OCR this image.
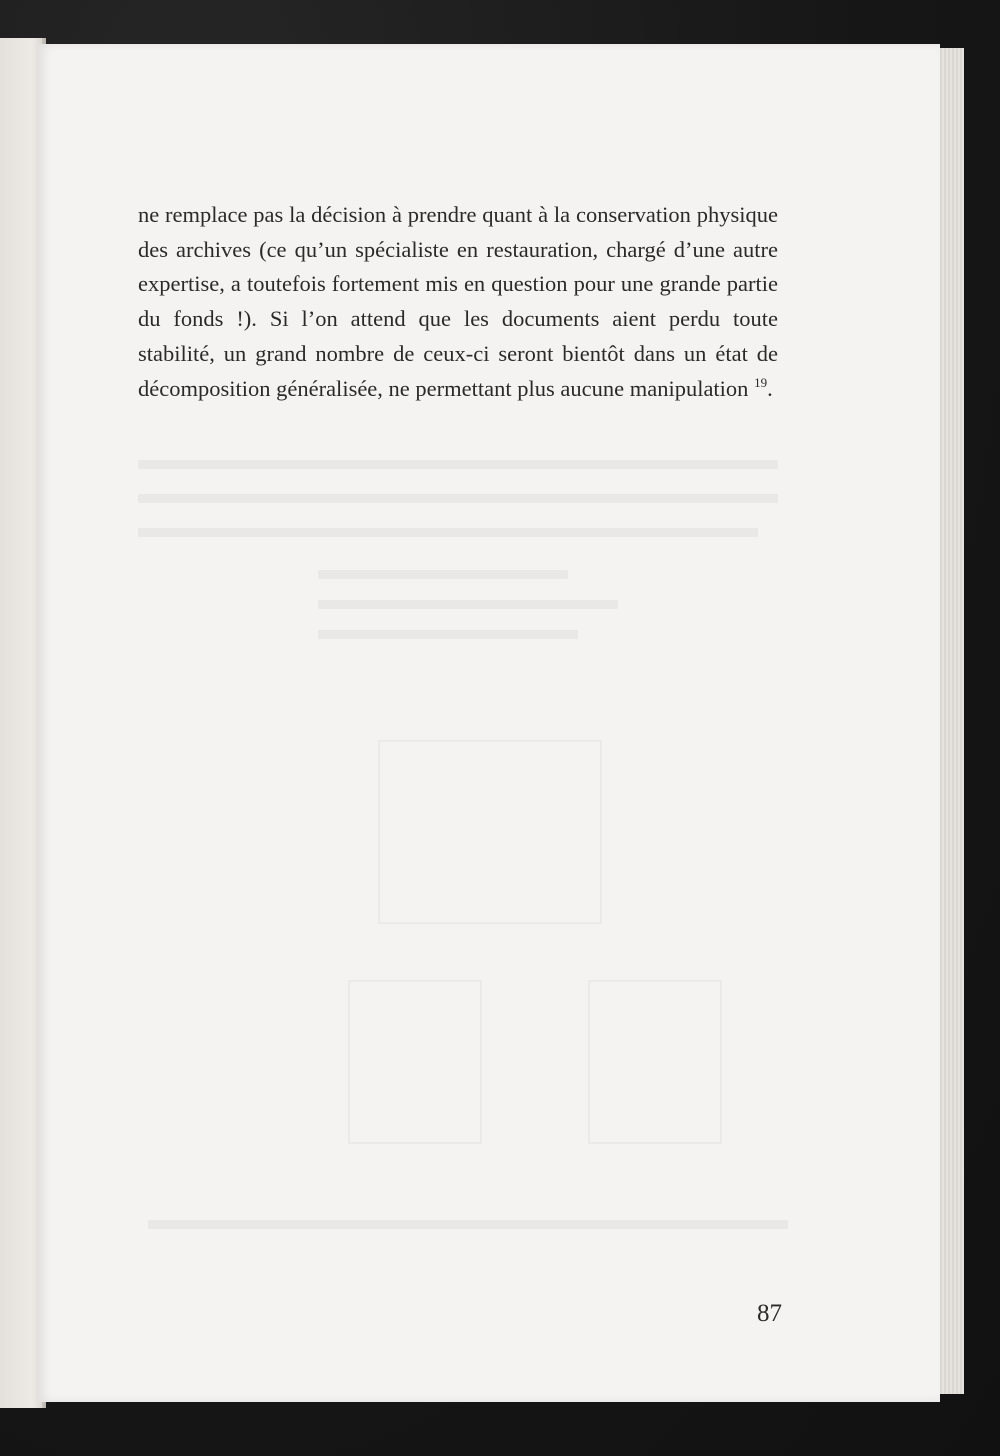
ne remplace pas la décision à prendre quant à la conservation physique des archives (ce qu’un spécialiste en restauration, chargé d’une autre expertise, a toutefois fortement mis en question pour une grande partie du fonds !). Si l’on attend que les documents aient perdu toute stabilité, un grand nombre de ceux-ci seront bientôt dans un état de décomposition généralisée, ne permettant plus aucune manipulation $^{19}$.

87
